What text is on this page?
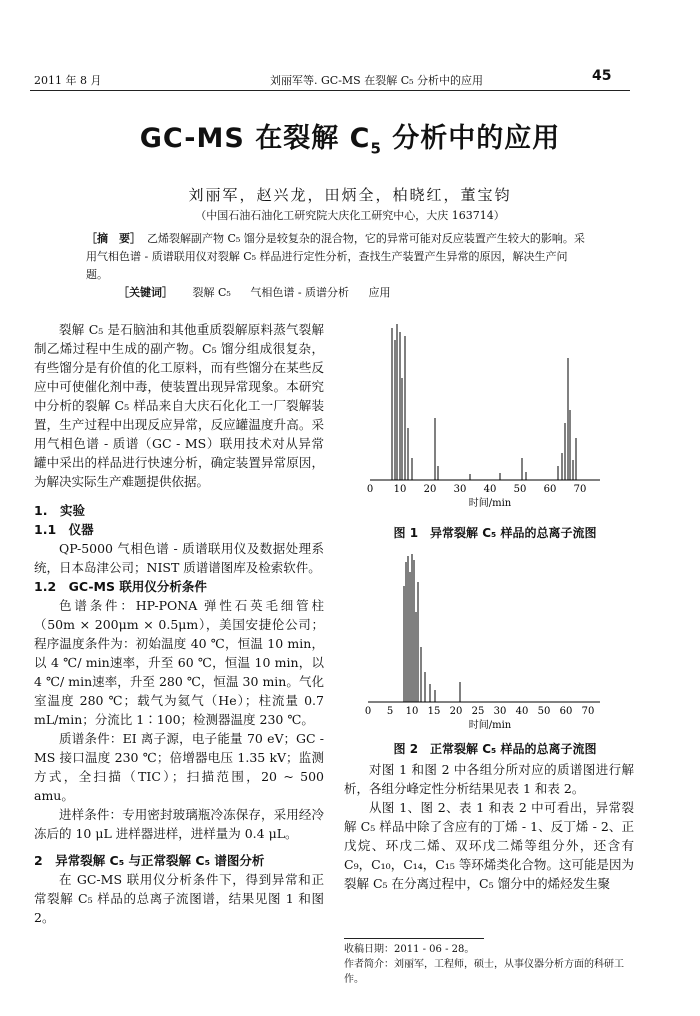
2011 年 8 月	刘丽军等. GC-MS 在裂解 C₅ 分析中的应用	45
GC-MS 在裂解 $C_5$ 分析中的应用
刘丽军，赵兴龙，田炳全，柏晓红，董宝钧
（中国石油石油化工研究院大庆化工研究中心，大庆 163714）
［摘　要］ 乙烯裂解副产物 C₅ 馏分是较复杂的混合物，它的异常可能对反应装置产生较大的影响。采用气相色谱 - 质谱联用仪对裂解 C₅ 样品进行定性分析，查找生产装置产生异常的原因，解决生产问题。
［关键词］ 裂解 C₅ 气相色谱 - 质谱分析 应用

裂解 C₅ 是石脑油和其他重质裂解原料蒸气裂解制乙烯过程中生成的副产物。C₅ 馏分组成很复杂，有些馏分是有价值的化工原料，而有些馏分在某些反应中可使催化剂中毒，使装置出现异常现象。本研究中分析的裂解 C₅ 样品来自大庆石化化工一厂裂解装置，生产过程中出现反应异常，反应罐温度升高。采用气相色谱 - 质谱（GC - MS）联用技术对从异常罐中采出的样品进行快速分析，确定装置异常原因，为解决实际生产难题提供依据。

1.　实验
1.1　仪器

QP-5000 气相色谱 - 质谱联用仪及数据处理系统，日本岛津公司；NIST 质谱谱图库及检索软件。

1.2　GC-MS 联用仪分析条件

色谱条件：HP-PONA 弹性石英毛细管柱（50m × 200μm × 0.5μm），美国安捷伦公司；程序温度条件为：初始温度 40 ℃，恒温 10 min，以 4 ℃/ min速率，升至 60 ℃，恒温 10 min，以 4 ℃/ min速率，升至 280 ℃，恒温 30 min。气化室温度 280 ℃；载气为氦气（He）；柱流量 0.7 mL/min；分流比 1∶100；检测器温度 230 ℃。

质谱条件：EI 离子源，电子能量 70 eV；GC - MS 接口温度 230 ℃；倍增器电压 1.35 kV；监测方式，全扫描（TIC）；扫描范围，20 ~ 500 amu。

进样条件：专用密封玻璃瓶冷冻保存，采用经冷冻后的 10 μL 进样器进样，进样量为 0.4 μL。

2　异常裂解 C₅ 与正常裂解 C₅ 谱图分析

在 GC-MS 联用仪分析条件下，得到异常和正常裂解 C₅ 样品的总离子流图谱，结果见图 1 和图 2。

0 10 20 30 40 50 60 70
时间/min
图 1　异常裂解 C₅ 样品的总离子流图
0 5 10 15 20 25 30 40 50 60 70
时间/min
图 2　正常裂解 C₅ 样品的总离子流图

对图 1 和图 2 中各组分所对应的质谱图进行解析，各组分峰定性分析结果见表 1 和表 2。

从图 1、图 2、表 1 和表 2 中可看出，异常裂解 C₅ 样品中除了含应有的丁烯 - 1、反丁烯 - 2、正戊烷、环戊二烯、双环戊二烯等组分外，还含有 C₉，C₁₀，C₁₄，C₁₅ 等环烯类化合物。这可能是因为裂解 C₅ 在分离过程中，C₅ 馏分中的烯烃发生聚

收稿日期：2011 - 06 - 28。
作者简介：刘丽军，工程师，硕士，从事仪器分析方面的科研工作。
